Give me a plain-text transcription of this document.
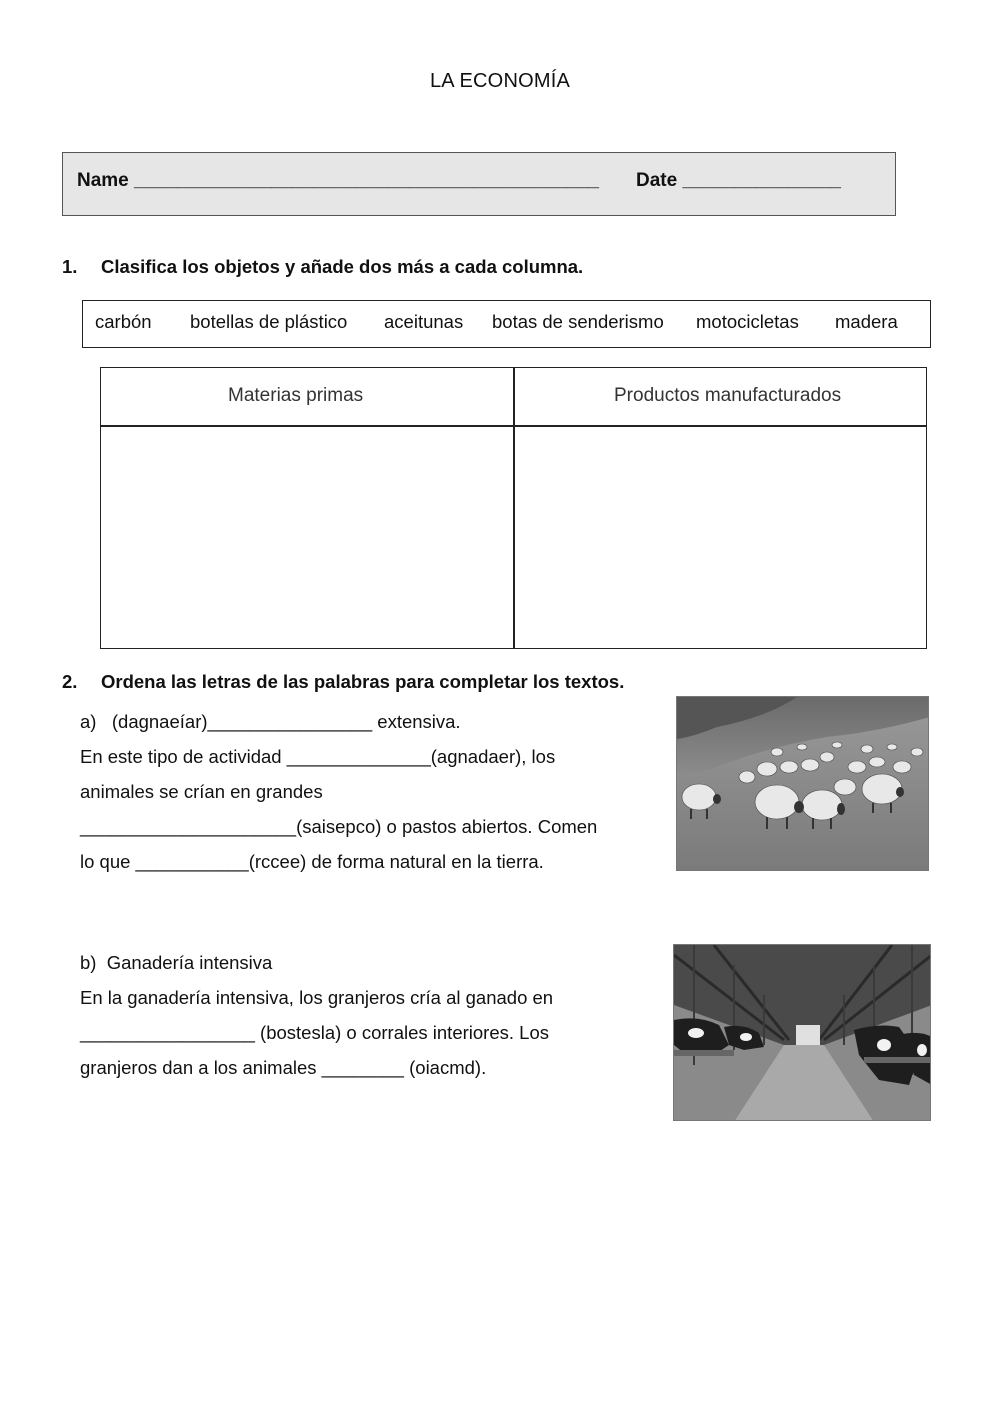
LA ECONOMÍA
Name ____________________________________________ Date _______________
1. Clasifica los objetos y añade dos más a cada columna.
carbón botellas de plástico aceitunas botas de senderismo motocicletas madera
Materias primas	Productos manufacturados
2. Ordena las letras de las palabras para completar los textos.
a)   (dagnaeíar)________________ extensiva.
En este tipo de actividad ______________(agnadaer), los
animales se crían en grandes
_____________________(saisepco) o pastos abiertos. Comen
lo que ___________(rccee) de forma natural en la tierra.
b)  Ganadería intensiva
En la ganadería intensiva, los granjeros cría al ganado en
_________________ (bostesla) o corrales interiores. Los
granjeros dan a los animales ________ (oiacmd).
